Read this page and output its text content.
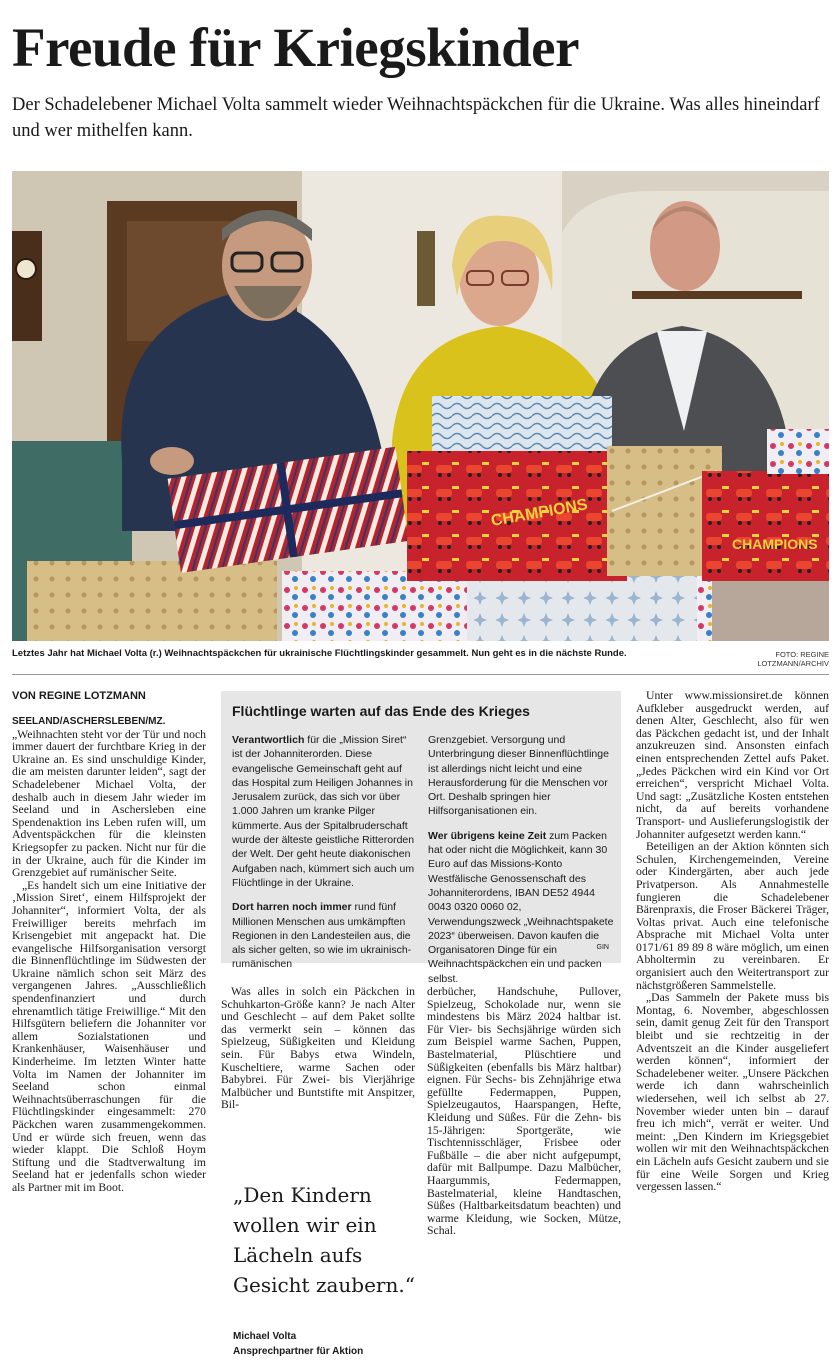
Freude für Kriegskinder

Der Schadelebener Michael Volta sammelt wieder Weihnachtspäckchen für die Ukraine. Was alles hineindarf und wer mithelfen kann.

CHAMPIONS
CHAMPIONS
Letztes Jahr hat Michael Volta (r.) Weihnachtspäckchen für ukrainische Flüchtlingskinder gesammelt. Nun geht es in die nächste Runde.	FOTO: REGINE LOTZMANN/ARCHIV
VON REGINE LOTZMANN

SEELAND/ASCHERSLEBEN/MZ.
„Weihnachten steht vor der Tür und noch immer dauert der furchtbare Krieg in der Ukraine an. Es sind unschuldige Kinder, die am meisten darunter leiden“, sagt der Schadelebener Michael Volta, der deshalb auch in diesem Jahr wieder im Seeland und in Aschersleben eine Spendenaktion ins Leben rufen will, um Adventspäckchen für die kleinsten Kriegsopfer zu packen. Nicht nur für die in der Ukraine, auch für die Kinder im Grenzgebiet auf rumänischer Seite.

„Es handelt sich um eine Initiative der ‚Mission Siret‘, einem Hilfsprojekt der Johanniter“, informiert Volta, der als Freiwilliger bereits mehrfach im Krisengebiet mit angepackt hat. Die evangelische Hilfsorganisation versorgt die Binnenflüchtlinge im Südwesten der Ukraine nämlich schon seit März des vergangenen Jahres. „Ausschließlich spendenfinanziert und durch ehrenamtlich tätige Freiwillige.“ Mit den Hilfsgütern beliefern die Johanniter vor allem Sozialstationen und Krankenhäuser, Waisenhäuser und Kinderheime. Im letzten Winter hatte Volta im Namen der Johanniter im Seeland schon einmal Weihnachtsüberraschungen für die Flüchtlingskinder eingesammelt: 270 Päckchen waren zusammengekommen. Und er würde sich freuen, wenn das wieder klappt. Die Schloß Hoym Stiftung und die Stadtverwaltung im Seeland hat er jedenfalls schon wieder als Partner mit im Boot.

Flüchtlinge warten auf das Ende des Krieges

Verantwortlich für die „Mission Siret“ ist der Johanniterorden. Diese evangelische Gemeinschaft geht auf das Hospital zum Heiligen Johannes in Jerusalem zurück, das sich vor über 1.000 Jahren um kranke Pilger kümmerte. Aus der Spitalbruderschaft wurde der älteste geistliche Ritterorden der Welt. Der geht heute diakonischen Aufgaben nach, kümmert sich auch um Flüchtlinge in der Ukraine.

Dort harren noch immer rund fünf Millionen Menschen aus umkämpften Regionen in den Landesteilen aus, die als sicher gelten, so wie im ukrainisch-rumänischen

Grenzgebiet. Versorgung und Unterbringung dieser Binnenflüchtlinge ist allerdings nicht leicht und eine Herausforderung für die Menschen vor Ort. Deshalb springen hier Hilfsorganisationen ein.

Wer übrigens keine Zeit zum Packen hat oder nicht die Möglichkeit, kann 30 Euro auf das Missions-Konto Westfälische Genossenschaft des Johanniterordens, IBAN DE52 4944 0043 0320 0060 02, Verwendungszweck „Weihnachtspakete 2023“ überweisen. Davon kaufen die Organisatoren Dinge für ein Weihnachtspäckchen ein und packen selbst.

GIN

Was alles in solch ein Päckchen in Schuhkarton-Größe kann? Je nach Alter und Geschlecht – auf dem Paket sollte das vermerkt sein – können das Spielzeug, Süßigkeiten und Kleidung sein. Für Babys etwa Windeln, Kuscheltiere, warme Sachen oder Babybrei. Für Zwei- bis Vierjährige Malbücher und Buntstifte mit Anspitzer, Bil-

„Den Kindern wollen wir ein Lächeln aufs Gesicht zaubern.“
Michael Volta
Ansprechpartner für Aktion

derbücher, Handschuhe, Pullover, Spielzeug, Schokolade nur, wenn sie mindestens bis März 2024 haltbar ist. Für Vier- bis Sechsjährige würden sich zum Beispiel warme Sachen, Puppen, Bastelmaterial, Plüschtiere und Süßigkeiten (ebenfalls bis März haltbar) eignen. Für Sechs- bis Zehnjährige etwa gefüllte Federmappen, Puppen, Spielzeugautos, Haarspangen, Hefte, Kleidung und Süßes. Für die Zehn- bis 15-Jährigen: Sportgeräte, wie Tischtennisschläger, Frisbee oder Fußbälle – die aber nicht aufgepumpt, dafür mit Ballpumpe. Dazu Malbücher, Haargummis, Federmappen, Bastelmaterial, kleine Handtaschen, Süßes (Haltbarkeitsdatum beachten) und warme Kleidung, wie Socken, Mütze, Schal.

Unter www.missionsiret.de können Aufkleber ausgedruckt werden, auf denen Alter, Geschlecht, also für wen das Päckchen gedacht ist, und der Inhalt anzukreuzen sind. Ansonsten einfach einen entsprechenden Zettel aufs Paket. „Jedes Päckchen wird ein Kind vor Ort erreichen“, verspricht Michael Volta. Und sagt: „Zusätzliche Kosten entstehen nicht, da auf bereits vorhandene Transport- und Auslieferungslogistik der Johanniter aufgesetzt werden kann.“

Beteiligen an der Aktion könnten sich Schulen, Kirchengemeinden, Vereine oder Kindergärten, aber auch jede Privatperson. Als Annahmestelle fungieren die Schadelebener Bärenpraxis, die Froser Bäckerei Träger, Voltas privat. Auch eine telefonische Absprache mit Michael Volta unter 0171/61 89 89 8 wäre möglich, um einen Abholtermin zu vereinbaren. Er organisiert auch den Weitertransport zur nächstgrößeren Sammelstelle.

„Das Sammeln der Pakete muss bis Montag, 6. November, abgeschlossen sein, damit genug Zeit für den Transport bleibt und sie rechtzeitig in der Adventszeit an die Kinder ausgeliefert werden können“, informiert der Schadelebener weiter. „Unsere Päckchen werde ich dann wahrscheinlich wiedersehen, weil ich selbst ab 27. November wieder unten bin – darauf freu ich mich“, verrät er weiter. Und meint: „Den Kindern im Kriegsgebiet wollen wir mit den Weihnachtspäckchen ein Lächeln aufs Gesicht zaubern und sie für eine Weile Sorgen und Krieg vergessen lassen.“
